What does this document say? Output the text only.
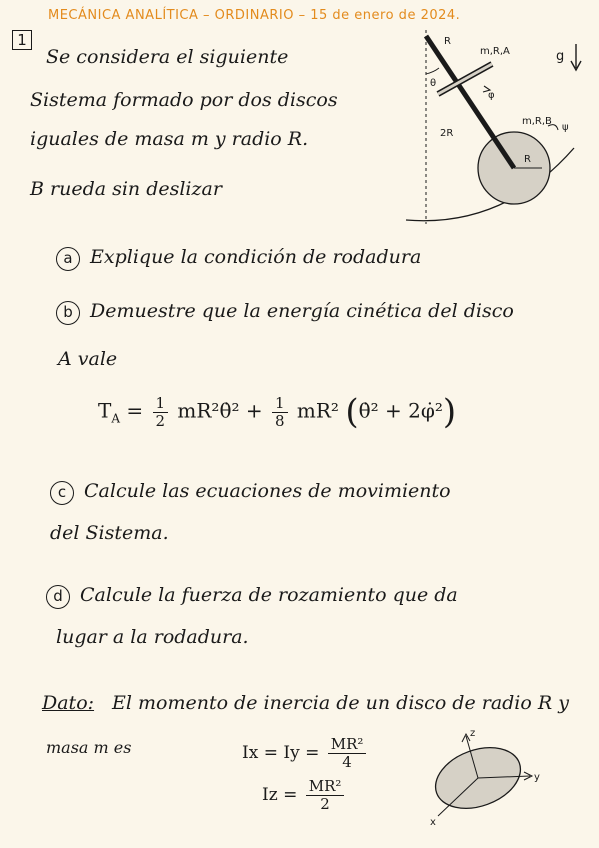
MECÁNICA ANALÍTICA – ORDINARIO – 15 de enero de 2024.
1
Se considera el siguiente
Sistema formado por dos discos
iguales de masa m y radio R.
B rueda sin deslizar
R
θ
φ
m,R,A	g
2R
m,R,B
ψ
R
a Explique la condición de rodadura
b Demuestre que la energía cinética del disco
A vale
$T_A = \frac{1}{2}$ mR²θ̇² + $\frac{1}{8} mR^2$ (θ̇² + 2φ̇²)
c Calcule las ecuaciones de movimiento
del Sistema.
d Calcule la fuerza de rozamiento que da
lugar a la rodadura.
Dato: El momento de inercia de un disco de radio R y
masa m es	$Ix = Iy = \frac{\text{MR²}}{4}$
$Iz = \frac{\text{MR²}}{2}$
z
y
x
